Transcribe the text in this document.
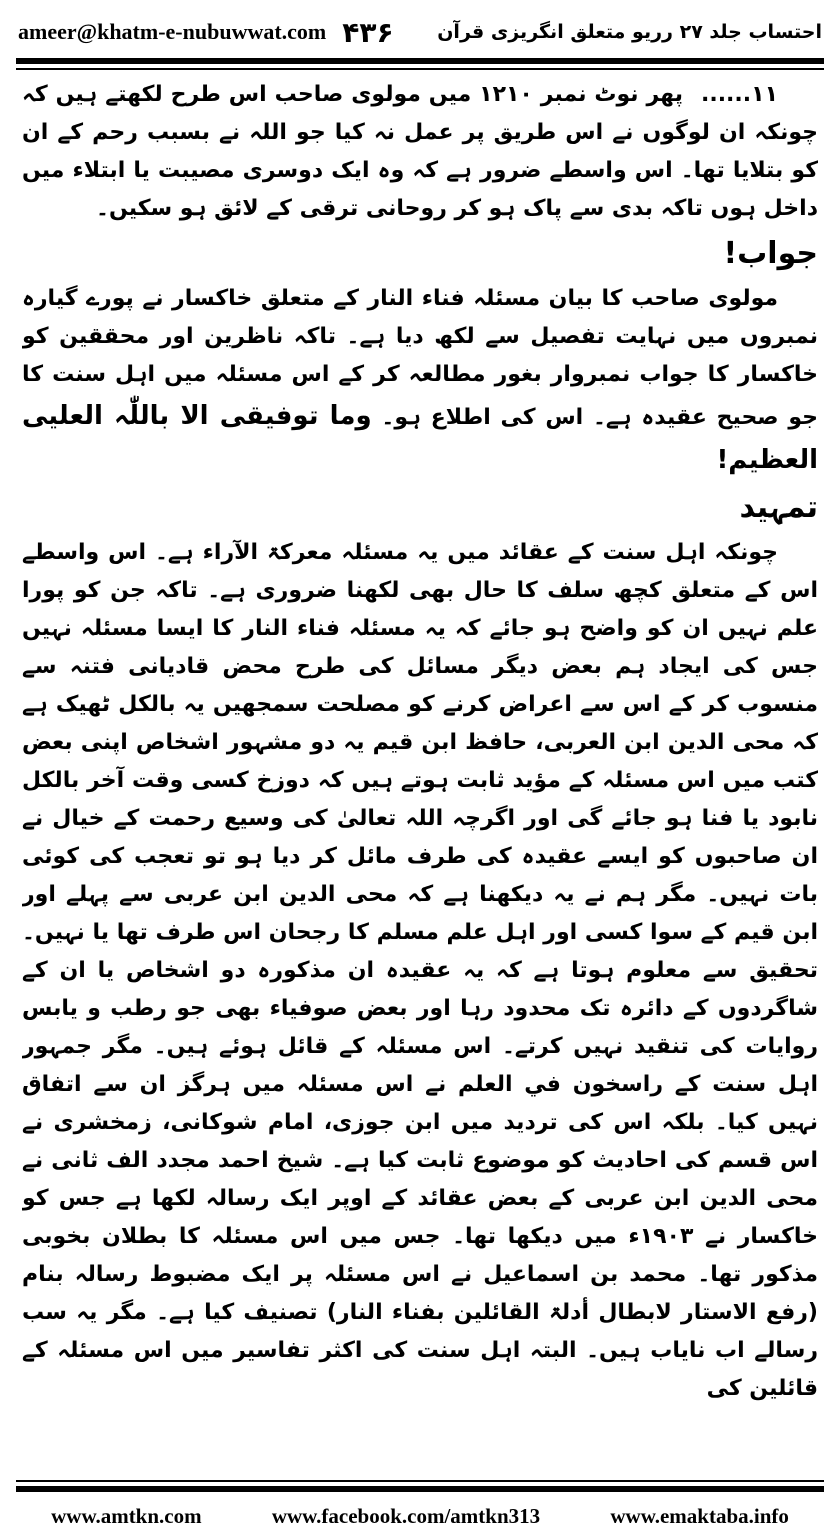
ameer@khatm-e-nubuwwat.com ۴۳۶ احتساب جلد ۲۷ رریو متعلق انگریزی قرآن

۱۱......پھر نوٹ نمبر ۱۲۱۰ میں مولوی صاحب اس طرح لکھتے ہیں کہ چونکہ ان لوگوں نے اس طریق پر عمل نہ کیا جو اللہ نے بسبب رحم کے ان کو بتلایا تھا۔ اس واسطے ضرور ہے کہ وہ ایک دوسری مصیبت یا ابتلاء میں داخل ہوں تاکہ بدی سے پاک ہو کر روحانی ترقی کے لائق ہو سکیں۔

جواب!

مولوی صاحب کا بیان مسئلہ فناء النار کے متعلق خاکسار نے پورے گیارہ نمبروں میں نہایت تفصیل سے لکھ دیا ہے۔ تاکہ ناظرین اور محققین کو خاکسار کا جواب نمبروار بغور مطالعہ کر کے اس مسئلہ میں اہل سنت کا جو صحیح عقیدہ ہے۔ اس کی اطلاع ہو۔ وما توفیقی الا باللّٰہ العلیی العظیم!

تمہید

چونکہ اہل سنت کے عقائد میں یہ مسئلہ معرکۃ الآراء ہے۔ اس واسطے اس کے متعلق کچھ سلف کا حال بھی لکھنا ضروری ہے۔ تاکہ جن کو پورا علم نہیں ان کو واضح ہو جائے کہ یہ مسئلہ فناء النار کا ایسا مسئلہ نہیں جس کی ایجاد ہم بعض دیگر مسائل کی طرح محض قادیانی فتنہ سے منسوب کر کے اس سے اعراض کرنے کو مصلحت سمجھیں یہ بالکل ٹھیک ہے کہ محی الدین ابن العربی، حافظ ابن قیم یہ دو مشہور اشخاص اپنی بعض کتب میں اس مسئلہ کے مؤید ثابت ہوتے ہیں کہ دوزخ کسی وقت آخر بالکل نابود یا فنا ہو جائے گی اور اگرچہ اللہ تعالیٰ کی وسیع رحمت کے خیال نے ان صاحبوں کو ایسے عقیدہ کی طرف مائل کر دیا ہو تو تعجب کی کوئی بات نہیں۔ مگر ہم نے یہ دیکھنا ہے کہ محی الدین ابن عربی سے پہلے اور ابن قیم کے سوا کسی اور اہل علم مسلم کا رجحان اس طرف تھا یا نہیں۔ تحقیق سے معلوم ہوتا ہے کہ یہ عقیدہ ان مذکورہ دو اشخاص یا ان کے شاگردوں کے دائرہ تک محدود رہا اور بعض صوفیاء بھی جو رطب و یابس روایات کی تنقید نہیں کرتے۔ اس مسئلہ کے قائل ہوئے ہیں۔ مگر جمہور اہل سنت کے راسخون في العلم نے اس مسئلہ میں ہرگز ان سے اتفاق نہیں کیا۔ بلکہ اس کی تردید میں ابن جوزی، امام شوکانی، زمخشری نے اس قسم کی احادیث کو موضوع ثابت کیا ہے۔ شیخ احمد مجدد الف ثانی نے محی الدین ابن عربی کے بعض عقائد کے اوپر ایک رسالہ لکھا ہے جس کو خاکسار نے ۱۹۰۳ء میں دیکھا تھا۔ جس میں اس مسئلہ کا بطلان بخوبی مذکور تھا۔ محمد بن اسماعیل نے اس مسئلہ پر ایک مضبوط رسالہ بنام (رفع الاستار لابطال أدلۃ القائلین بفناء النار) تصنیف کیا ہے۔ مگر یہ سب رسالے اب نایاب ہیں۔ البتہ اہل سنت کی اکثر تفاسیر میں اس مسئلہ کے قائلین کی

www.amtkn.com	www.facebook.com/amtkn313	www.emaktaba.info
